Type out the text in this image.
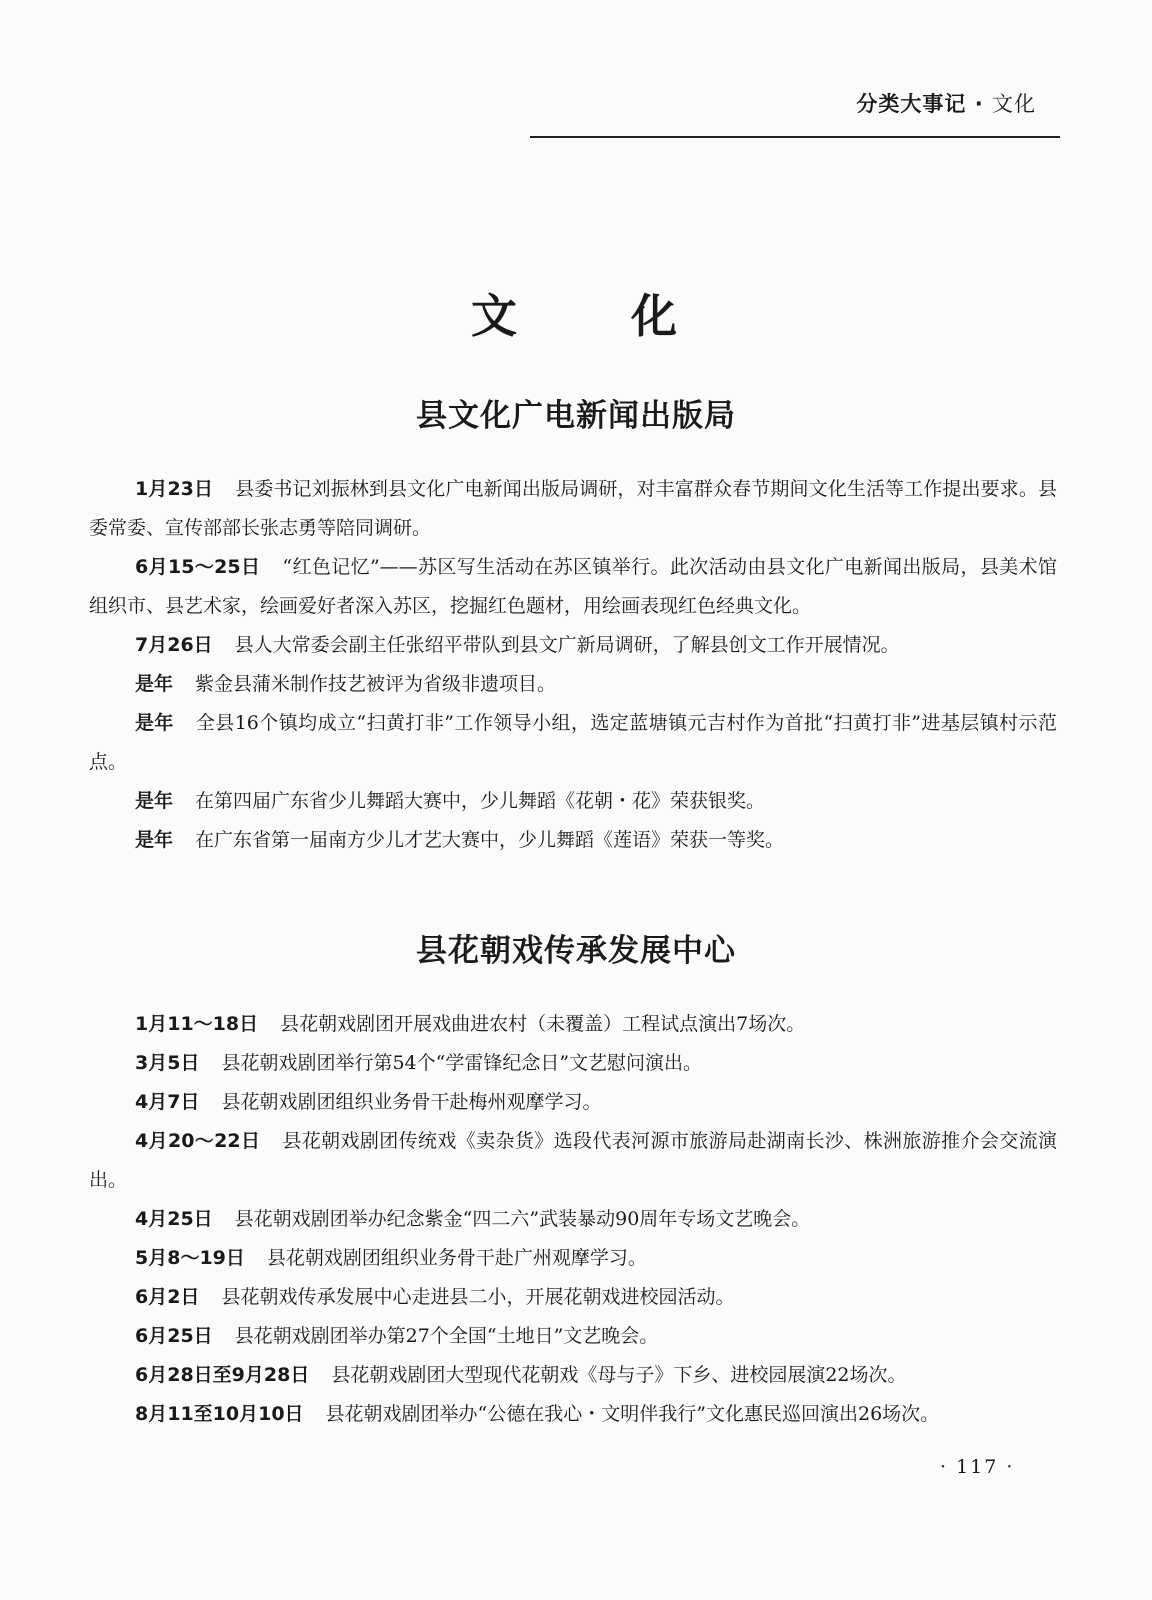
分类大事记 · 文化
文 化
县文化广电新闻出版局

1月23日 县委书记刘振林到县文化广电新闻出版局调研，对丰富群众春节期间文化生活等工作提出要求。县委常委、宣传部部长张志勇等陪同调研。

6月15～25日 “红色记忆”——苏区写生活动在苏区镇举行。此次活动由县文化广电新闻出版局，县美术馆组织市、县艺术家，绘画爱好者深入苏区，挖掘红色题材，用绘画表现红色经典文化。

7月26日 县人大常委会副主任张绍平带队到县文广新局调研，了解县创文工作开展情况。

是年 紫金县蒲米制作技艺被评为省级非遗项目。

是年 全县16个镇均成立“扫黄打非”工作领导小组，选定蓝塘镇元吉村作为首批“扫黄打非”进基层镇村示范点。

是年 在第四届广东省少儿舞蹈大赛中，少儿舞蹈《花朝・花》荣获银奖。

是年 在广东省第一届南方少儿才艺大赛中，少儿舞蹈《莲语》荣获一等奖。

县花朝戏传承发展中心

1月11～18日 县花朝戏剧团开展戏曲进农村（未覆盖）工程试点演出7场次。

3月5日 县花朝戏剧团举行第54个“学雷锋纪念日”文艺慰问演出。

4月7日 县花朝戏剧团组织业务骨干赴梅州观摩学习。

4月20～22日 县花朝戏剧团传统戏《卖杂货》选段代表河源市旅游局赴湖南长沙、株洲旅游推介会交流演出。

4月25日 县花朝戏剧团举办纪念紫金“四二六”武装暴动90周年专场文艺晚会。

5月8～19日 县花朝戏剧团组织业务骨干赴广州观摩学习。

6月2日 县花朝戏传承发展中心走进县二小，开展花朝戏进校园活动。

6月25日 县花朝戏剧团举办第27个全国“土地日”文艺晚会。

6月28日至9月28日 县花朝戏剧团大型现代花朝戏《母与子》下乡、进校园展演22场次。

8月11至10月10日 县花朝戏剧团举办“公德在我心・文明伴我行”文化惠民巡回演出26场次。

· 117 ·
